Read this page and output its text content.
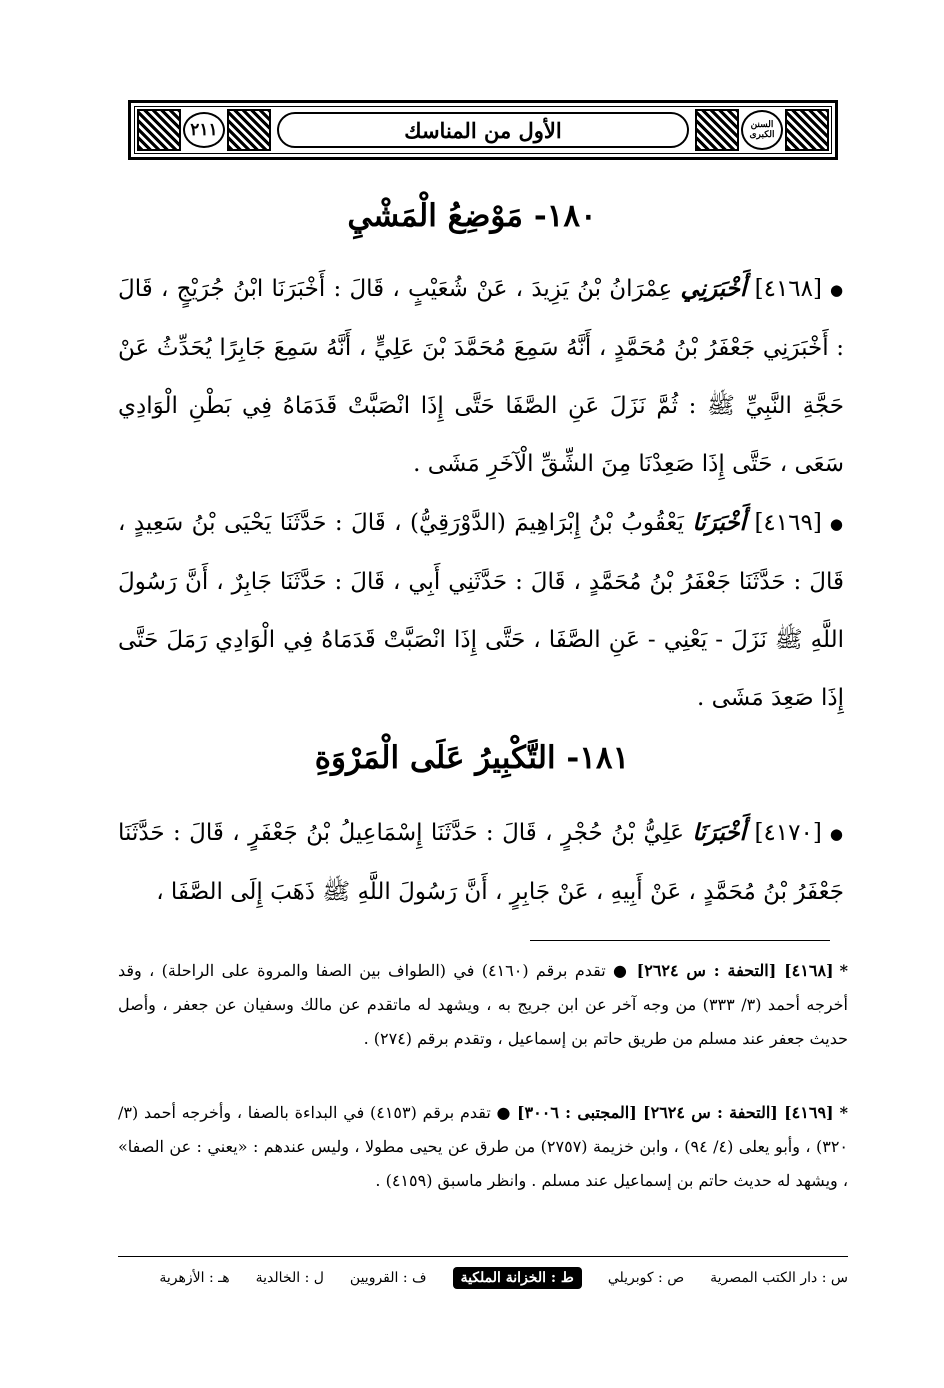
٢١١	الأول من المناسك	السنن الكبرى
١٨٠- مَوْضِعُ الْمَشْيِ
●[٤١٦٨] أَخْبَرَنِي عِمْرَانُ بْنُ يَزِيدَ ، عَنْ شُعَيْبٍ ، قَالَ : أَخْبَرَنَا ابْنُ جُرَيْجٍ ، قَالَ : أَخْبَرَنِي جَعْفَرُ بْنُ مُحَمَّدٍ ، أَنَّهُ سَمِعَ مُحَمَّدَ بْنَ عَلِيٍّ ، أَنَّهُ سَمِعَ جَابِرًا يُحَدِّثُ عَنْ حَجَّةِ النَّبِيِّ ﷺ : ثُمَّ نَزَلَ عَنِ الصَّفَا حَتَّى إِذَا انْصَبَّتْ قَدَمَاهُ فِي بَطْنِ الْوَادِي سَعَى ، حَتَّى إِذَا صَعِدْنَا مِنَ الشِّقِّ الْآخَرِ مَشَى .
●[٤١٦٩] أَخْبَرَنَا يَعْقُوبُ بْنُ إِبْرَاهِيمَ (الدَّوْرَقِيُّ) ، قَالَ : حَدَّثَنَا يَحْيَى بْنُ سَعِيدٍ ، قَالَ : حَدَّثَنَا جَعْفَرُ بْنُ مُحَمَّدٍ ، قَالَ : حَدَّثَنِي أَبِي ، قَالَ : حَدَّثَنَا جَابِرٌ ، أَنَّ رَسُولَ اللَّهِ ﷺ نَزَلَ - يَعْنِي - عَنِ الصَّفَا ، حَتَّى إِذَا انْصَبَّتْ قَدَمَاهُ فِي الْوَادِي رَمَلَ حَتَّى إِذَا صَعِدَ مَشَى .
١٨١- التَّكْبِيرُ عَلَى الْمَرْوَةِ
●[٤١٧٠] أَخْبَرَنَا عَلِيُّ بْنُ حُجْرٍ ، قَالَ : حَدَّثَنَا إِسْمَاعِيلُ بْنُ جَعْفَرٍ ، قَالَ : حَدَّثَنَا جَعْفَرُ بْنُ مُحَمَّدٍ ، عَنْ أَبِيهِ ، عَنْ جَابِرٍ ، أَنَّ رَسُولَ اللَّهِ ﷺ ذَهَبَ إِلَى الصَّفَا ،
*[٤١٦٨] [التحفة : س ٢٦٢٤] ● تقدم برقم (٤١٦٠) في (الطواف بين الصفا والمروة على الراحلة) ، وقد أخرجه أحمد (٣/ ٣٣٣) من وجه آخر عن ابن جريج به ، ويشهد له ماتقدم عن مالك وسفيان عن جعفر ، وأصل حديث جعفر عند مسلم من طريق حاتم بن إسماعيل ، وتقدم برقم (٢٧٤) .
*[٤١٦٩] [التحفة : س ٢٦٢٤] [المجتبى : ٣٠٠٦] ● تقدم برقم (٤١٥٣) في البداءة بالصفا ، وأخرجه أحمد (٣/ ٣٢٠) ، وأبو يعلى (٤/ ٩٤) ، وابن خزيمة (٢٧٥٧) من طرق عن يحيى مطولا ، وليس عندهم : «يعني : عن الصفا» ، ويشهد له حديث حاتم بن إسماعيل عند مسلم . وانظر ماسبق (٤١٥٩) .
س : دار الكتب المصرية
ص : كوبريلي
ط : الخزانة الملكية
ف : القرويين
ل : الخالدية
هـ : الأزهرية
